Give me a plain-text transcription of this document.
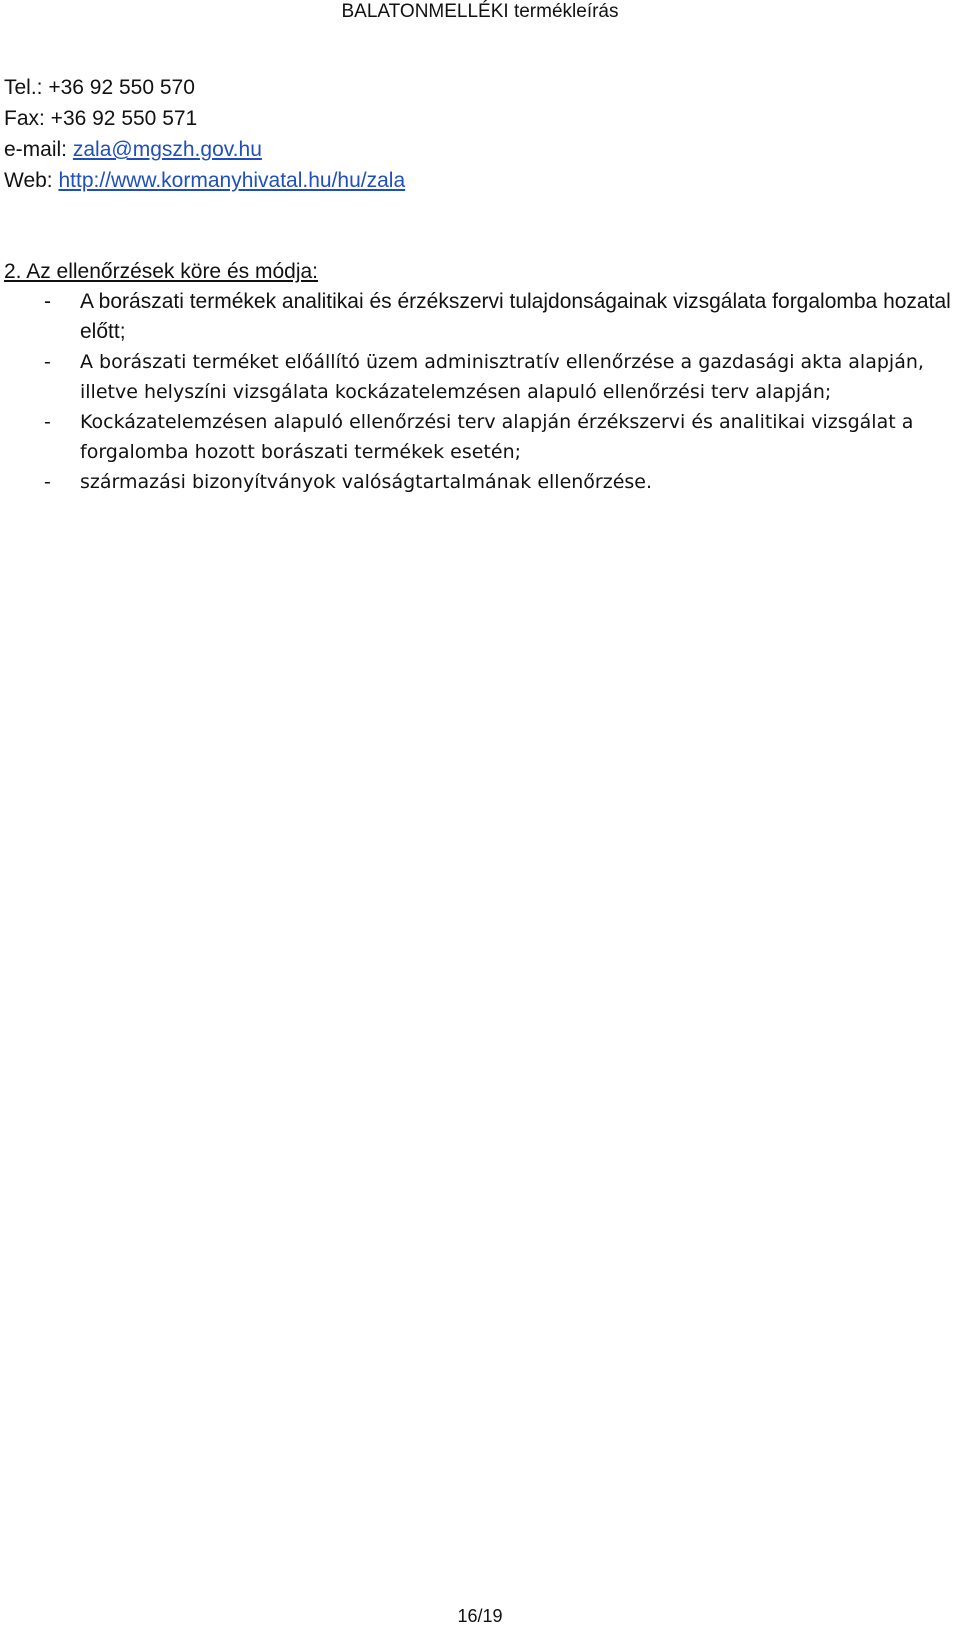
BALATONMELLÉKI termékleírás
Tel.: +36 92 550 570
Fax: +36 92 550 571
e-mail: zala@mgszh.gov.hu
Web: http://www.kormanyhivatal.hu/hu/zala
2. Az ellenőrzések köre és módja:
- A borászati termékek analitikai és érzékszervi tulajdonságainak vizsgálata forgalomba hozatal előtt;
- A borászati terméket előállító üzem adminisztratív ellenőrzése a gazdasági akta alapján, illetve helyszíni vizsgálata kockázatelemzésen alapuló ellenőrzési terv alapján;
- Kockázatelemzésen alapuló ellenőrzési terv alapján érzékszervi és analitikai vizsgálat a forgalomba hozott borászati termékek esetén;
- származási bizonyítványok valóságtartalmának ellenőrzése.
16/19
